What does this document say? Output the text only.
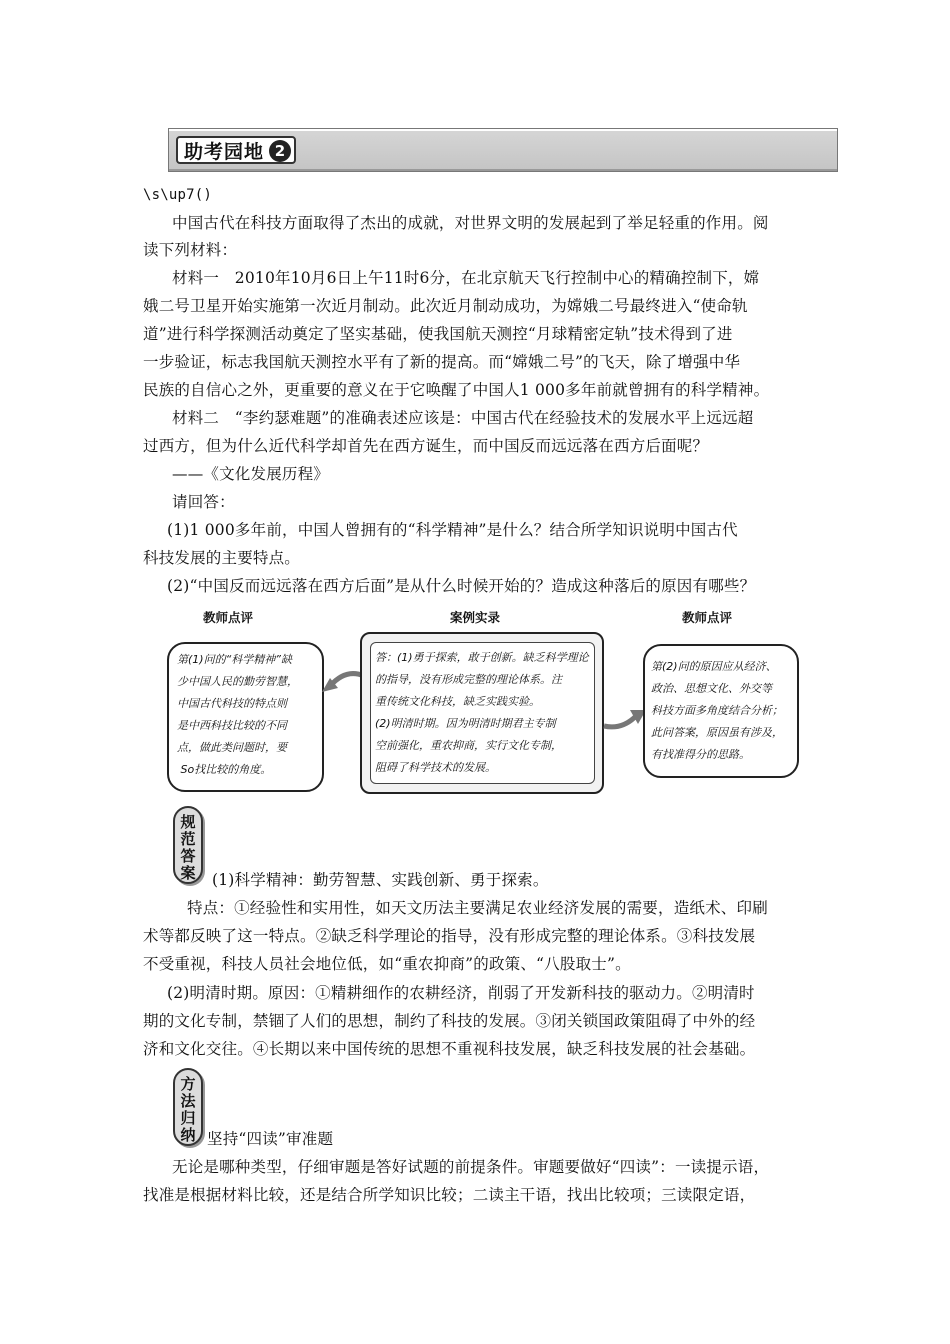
助考园地 2
\s\up7()
中国古代在科技方面取得了杰出的成就，对世界文明的发展起到了举足轻重的作用。阅
读下列材料：
材料一　2010年10月6日上午11时6分，在北京航天飞行控制中心的精确控制下，嫦
娥二号卫星开始实施第一次近月制动。此次近月制动成功，为嫦娥二号最终进入“使命轨
道”进行科学探测活动奠定了坚实基础，使我国航天测控“月球精密定轨”技术得到了进
一步验证，标志我国航天测控水平有了新的提高。而“嫦娥二号”的飞天，除了增强中华
民族的自信心之外，更重要的意义在于它唤醒了中国人1 000多年前就曾拥有的科学精神。
材料二　“李约瑟难题”的准确表述应该是：中国古代在经验技术的发展水平上远远超
过西方，但为什么近代科学却首先在西方诞生，而中国反而远远落在西方后面呢？
——《文化发展历程》
请回答：
(1)1 000多年前，中国人曾拥有的“科学精神”是什么？结合所学知识说明中国古代
科技发展的主要特点。
(2)“中国反而远远落在西方后面”是从什么时候开始的？造成这种落后的原因有哪些？
教师点评	案例实录	教师点评
第(1)问的“科学精神”缺
少中国人民的勤劳智慧，
中国古代科技的特点则
是中西科技比较的不同
点，做此类问题时，要
So找比较的角度。
答：(1)勇于探索，敢于创新。缺乏科学理论
的指导，没有形成完整的理论体系。注
重传统文化科技，缺乏实践实验。
(2)明清时期。因为明清时期君主专制
空前强化，重农抑商，实行文化专制，
阻碍了科学技术的发展。
第(2)问的原因应从经济、
政治、思想文化、外交等
科技方面多角度结合分析；
此问答案，原因虽有涉及，
有找准得分的思路。
规范答案 (1)科学精神：勤劳智慧、实践创新、勇于探索。
特点：①经验性和实用性，如天文历法主要满足农业经济发展的需要，造纸术、印刷
术等都反映了这一特点。②缺乏科学理论的指导，没有形成完整的理论体系。③科技发展
不受重视，科技人员社会地位低，如“重农抑商”的政策、“八股取士”。
(2)明清时期。原因：①精耕细作的农耕经济，削弱了开发新科技的驱动力。②明清时
期的文化专制，禁锢了人们的思想，制约了科技的发展。③闭关锁国政策阻碍了中外的经
济和文化交往。④长期以来中国传统的思想不重视科技发展，缺乏科技发展的社会基础。
方法归纳 坚持“四读”审准题
无论是哪种类型，仔细审题是答好试题的前提条件。审题要做好“四读”：一读提示语，
找准是根据材料比较，还是结合所学知识比较；二读主干语，找出比较项；三读限定语，
